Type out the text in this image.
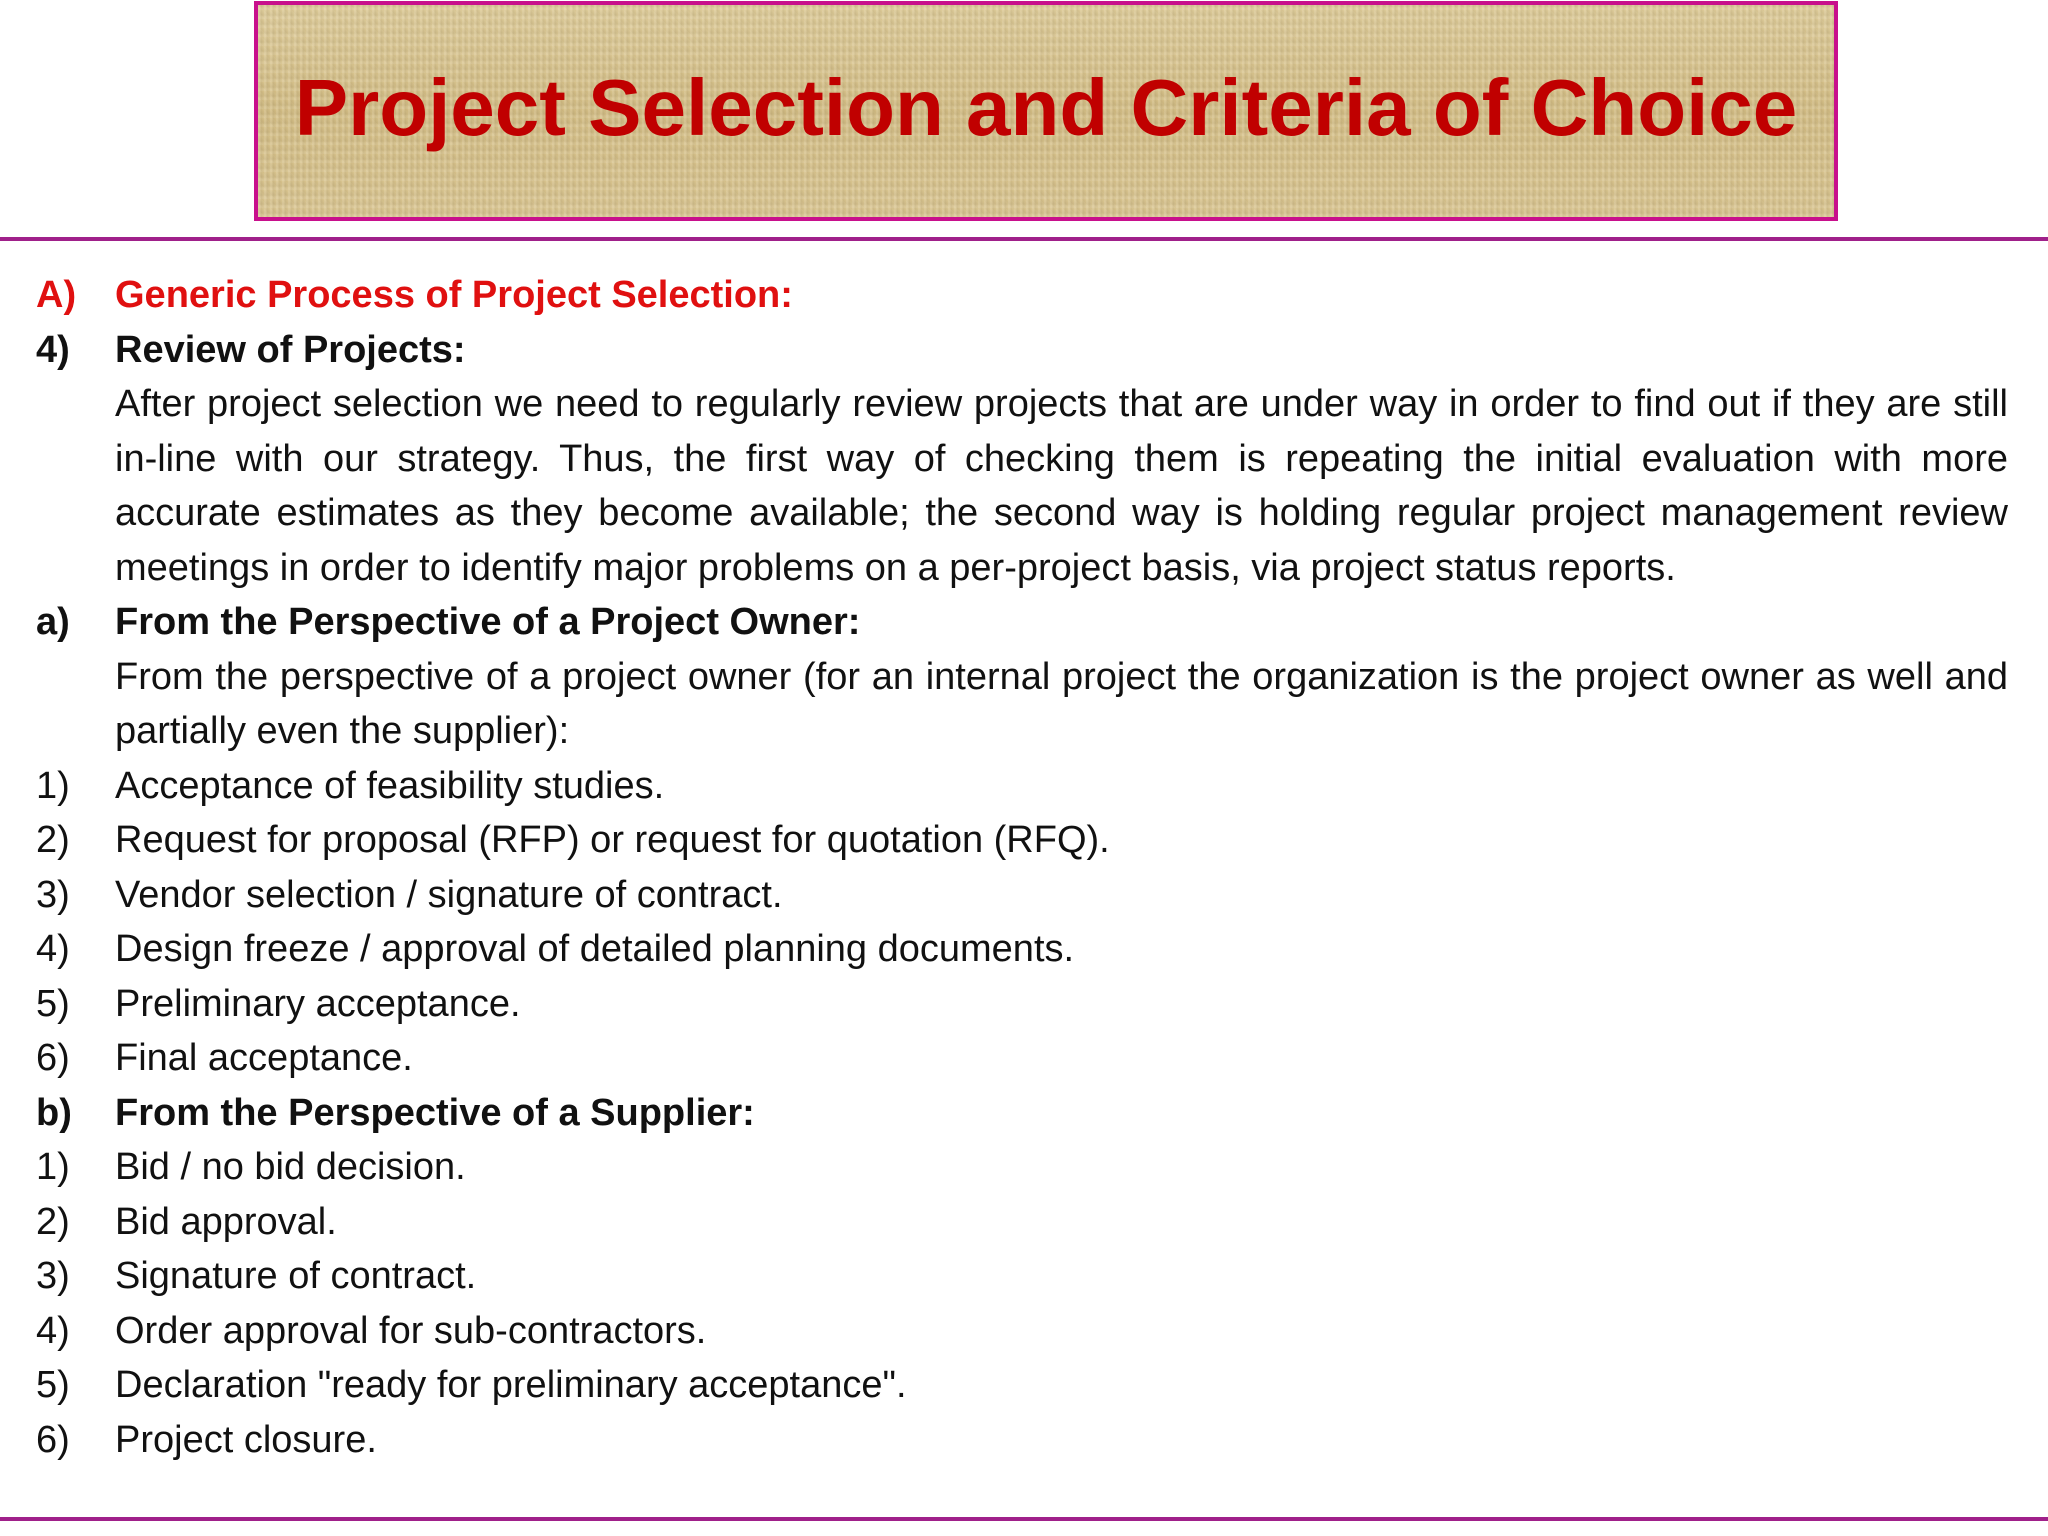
Project Selection and Criteria of Choice
A)	Generic Process of Project Selection:
4)	Review of Projects:
After project selection we need to regularly review projects that are under way in order to find out if they are still in-line with our strategy. Thus, the first way of checking them is repeating the initial evaluation with more accurate estimates as they become available; the second way is holding regular project management review meetings in order to identify major problems on a per-project basis, via project status reports.
a)	From the Perspective of a Project Owner:
From the perspective of a project owner (for an internal project the organization is the project owner as well and partially even the supplier):
1)	Acceptance of feasibility studies.
2)	Request for proposal (RFP) or request for quotation (RFQ).
3)	Vendor selection / signature of contract.
4)	Design freeze / approval of detailed planning documents.
5)	Preliminary acceptance.
6)	Final acceptance.
b)	From the Perspective of a Supplier:
1)	Bid / no bid decision.
2)	Bid approval.
3)	Signature of contract.
4)	Order approval for sub-contractors.
5)	Declaration "ready for preliminary acceptance".
6)	Project closure.
